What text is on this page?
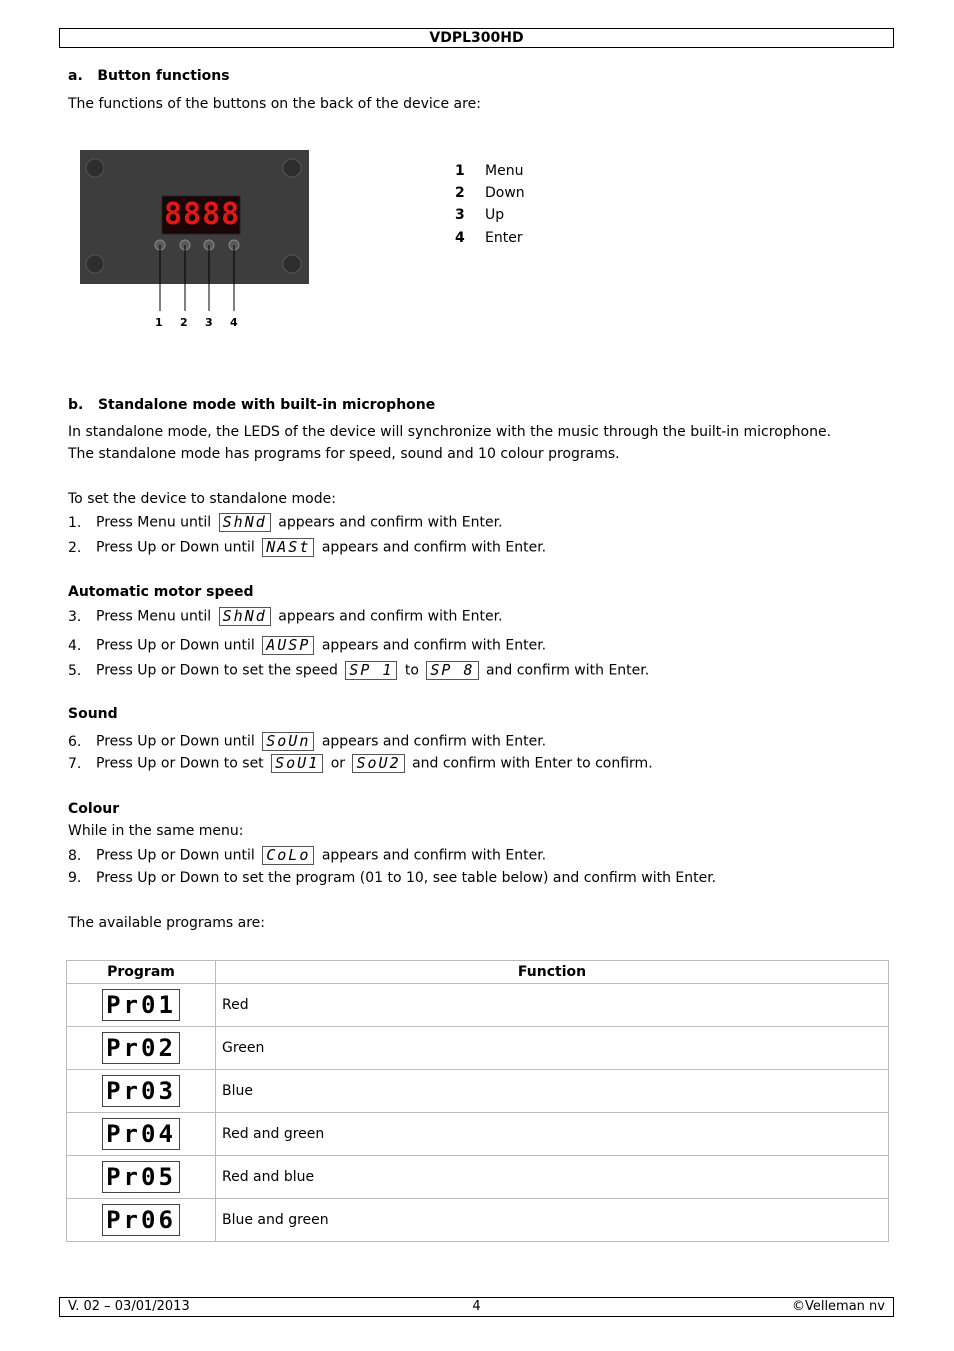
VDPL300HD
a.   Button functions
The functions of the buttons on the back of the device are:
8888
1 2 3 4
1 Menu
2 Down
3 Up
4 Enter
b.   Standalone mode with built-in microphone
In standalone mode, the LEDS of the device will synchronize with the music through the built-in microphone.
The standalone mode has programs for speed, sound and 10 colour programs.
To set the device to standalone mode:
1. Press Menu until ShNd appears and confirm with Enter.
2. Press Up or Down until NASt appears and confirm with Enter.
Automatic motor speed
3. Press Menu until ShNd appears and confirm with Enter.
4. Press Up or Down until AUSP appears and confirm with Enter.
5. Press Up or Down to set the speed SP 1 to SP 8 and confirm with Enter.
Sound
6. Press Up or Down until SoUn appears and confirm with Enter.
7. Press Up or Down to set SoU1 or SoU2 and confirm with Enter to confirm.
Colour
While in the same menu:
8. Press Up or Down until CoLo appears and confirm with Enter.
9. Press Up or Down to set the program (01 to 10, see table below) and confirm with Enter.
The available programs are:
Program	Function

Pr01	Red

Pr02	Green

Pr03	Blue

Pr04	Red and green

Pr05	Red and blue

Pr06	Blue and green
V. 02 – 03/01/2013	4	©Velleman nv
